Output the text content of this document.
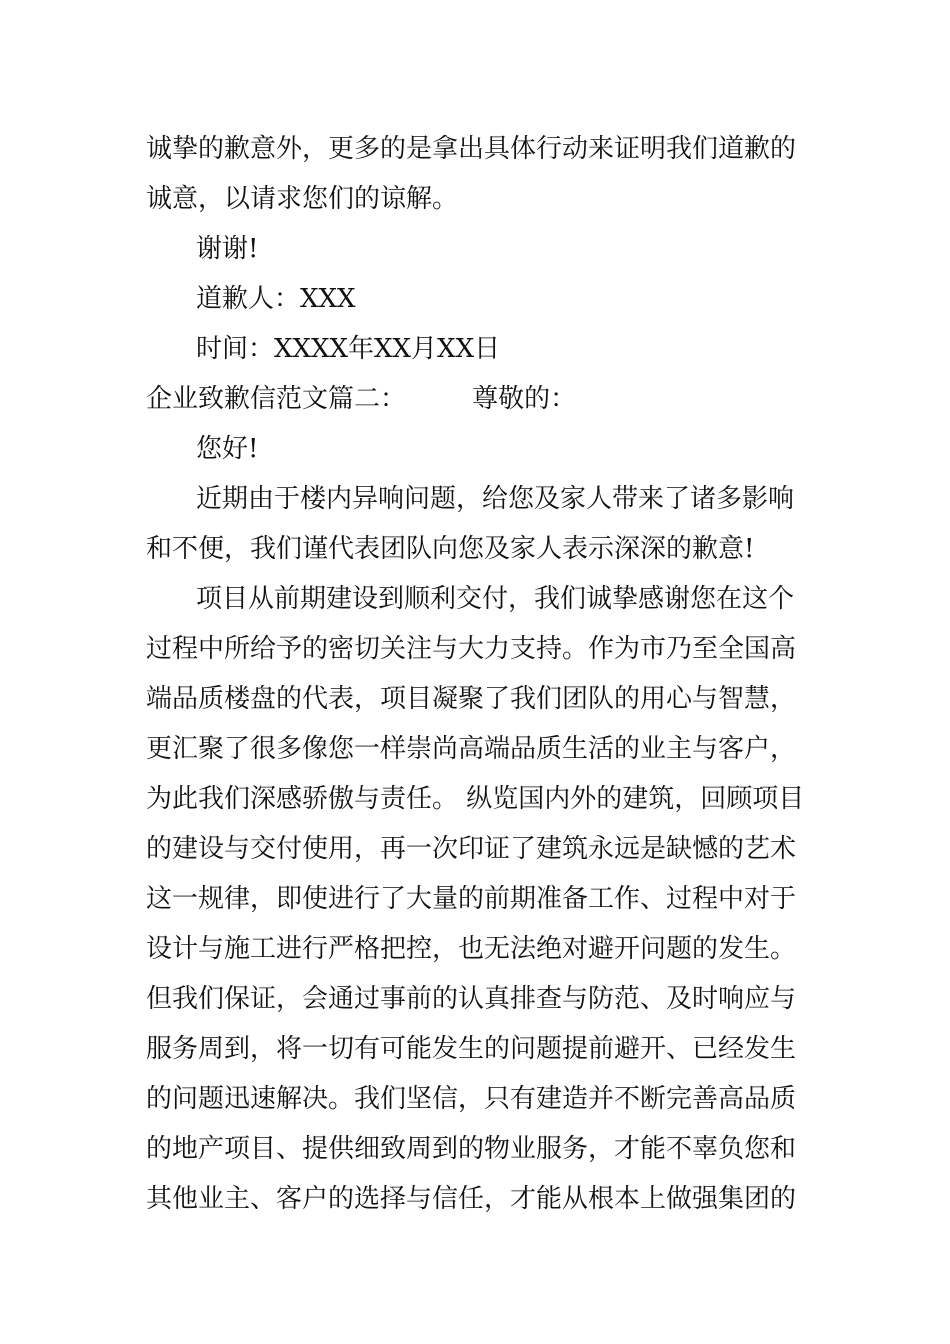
诚挚的歉意外，更多的是拿出具体行动来证明我们道歉的
诚意，以请求您们的谅解。
谢谢!
道歉人：XXX
时间：XXXX年XX月XX日
企业致歉信范文篇二：        尊敬的：
您好!
近期由于楼内异响问题，给您及家人带来了诸多影响
和不便，我们谨代表团队向您及家人表示深深的歉意!
项目从前期建设到顺利交付，我们诚挚感谢您在这个
过程中所给予的密切关注与大力支持。作为市乃至全国高
端品质楼盘的代表，项目凝聚了我们团队的用心与智慧，
更汇聚了很多像您一样崇尚高端品质生活的业主与客户，
为此我们深感骄傲与责任。 纵览国内外的建筑，回顾项目
的建设与交付使用，再一次印证了建筑永远是缺憾的艺术
这一规律，即使进行了大量的前期准备工作、过程中对于
设计与施工进行严格把控，也无法绝对避开问题的发生。
但我们保证，会通过事前的认真排查与防范、及时响应与
服务周到，将一切有可能发生的问题提前避开、已经发生
的问题迅速解决。我们坚信，只有建造并不断完善高品质
的地产项目、提供细致周到的物业服务，才能不辜负您和
其他业主、客户的选择与信任，才能从根本上做强集团的
